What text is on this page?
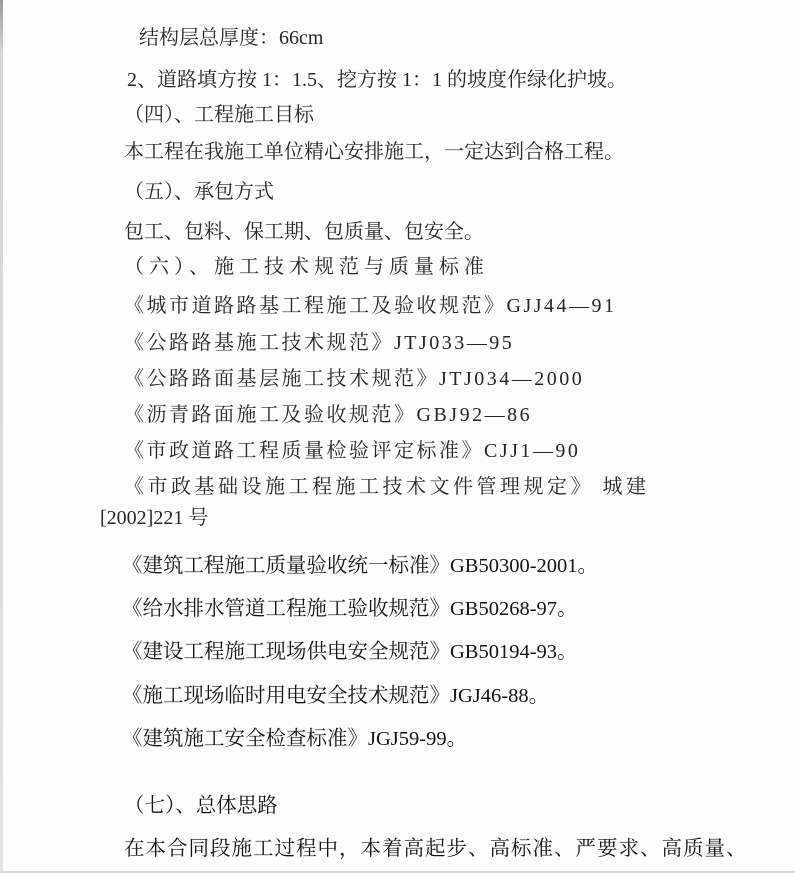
结构层总厚度：66cm
2、道路填方按 1：1.5、挖方按 1：1 的坡度作绿化护坡。
（四）、工程施工目标
本工程在我施工单位精心安排施工，一定达到合格工程。
（五）、承包方式
包工、包料、保工期、包质量、包安全。
（六）、施工技术规范与质量标准
《城市道路路基工程施工及验收规范》GJJ44—91
《公路路基施工技术规范》JTJ033—95
《公路路面基层施工技术规范》JTJ034—2000
《沥青路面施工及验收规范》GBJ92—86
《市政道路工程质量检验评定标准》CJJ1—90
《市政基础设施工程施工技术文件管理规定》 城建
[2002]221 号
《建筑工程施工质量验收统一标准》GB50300-2001。
《给水排水管道工程施工验收规范》GB50268-97。
《建设工程施工现场供电安全规范》GB50194-93。
《施工现场临时用电安全技术规范》JGJ46-88。
《建筑施工安全检查标准》JGJ59-99。
（七）、总体思路
在本合同段施工过程中，本着高起步、高标准、严要求、高质量、
